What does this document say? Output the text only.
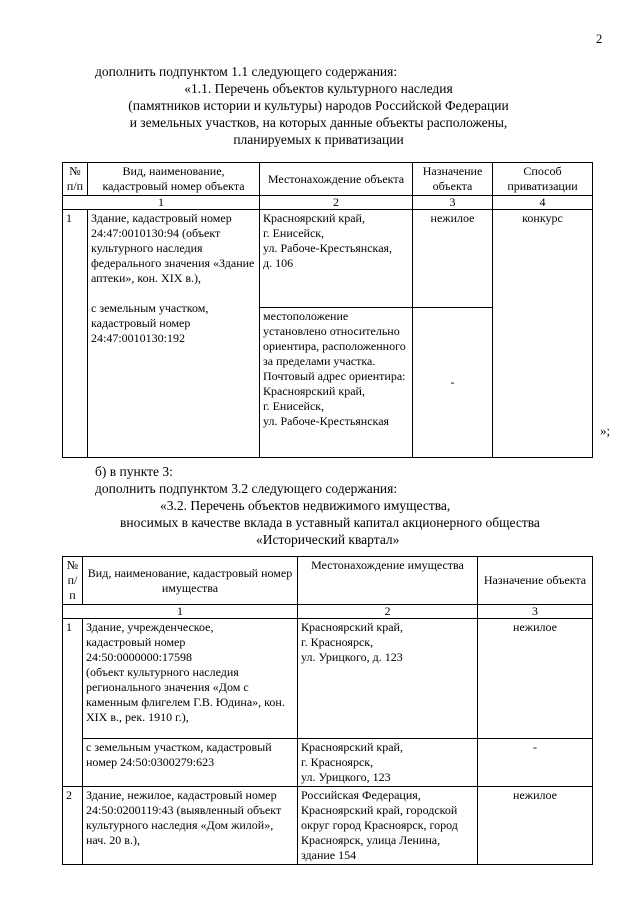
2
дополнить подпунктом 1.1 следующего содержания:
«1.1. Перечень объектов культурного наследия
(памятников истории и культуры) народов Российской Федерации
и земельных участков, на которых данные объекты расположены,
планируемых к приватизации
№ п/п	Вид, наименование, кадастровый номер объекта	Местонахождение объекта	Назначение объекта	Способ приватизации
1		2	3	4
1	Здание, кадастровый номер 24:47:0010130:94 (объект культурного наследия федерального значения «Здание аптеки», кон. XIX в.),

с земельным участком, кадастровый номер 24:47:0010130:192	Красноярский край,
г. Енисейск,
ул. Рабоче-Крестьянская,
д. 106	нежилое	конкурс
		местоположение установлено относительно ориентира, расположенного за пределами участка. Почтовый адрес ориентира: Красноярский край,
г. Енисейск,
ул. Рабоче-Крестьянская	-	
»;
б) в пункте 3:
дополнить подпунктом 3.2 следующего содержания:
«3.2. Перечень объектов недвижимого имущества,
вносимых в качестве вклада в уставный капитал акционерного общества
«Исторический квартал»
№ п/п	Вид, наименование, кадастровый номер имущества	Местонахождение имущества	Назначение объекта
1		2	3
1	Здание, учрежденческое,
кадастровый номер
24:50:0000000:17598
(объект культурного наследия регионального значения «Дом с каменным флигелем Г.В. Юдина», кон. XIX в., рек. 1910 г.),	Красноярский край,
г. Красноярск,
ул. Урицкого, д. 123	нежилое
	с земельным участком, кадастровый номер 24:50:0300279:623	Красноярский край,
г. Красноярск,
ул. Урицкого, 123	-
2	Здание, нежилое, кадастровый номер 24:50:0200119:43 (выявленный объект культурного наследия «Дом жилой»,
нач. 20 в.),	Российская Федерация, Красноярский край, городской округ город Красноярск, город Красноярск, улица Ленина, здание 154	нежилое
